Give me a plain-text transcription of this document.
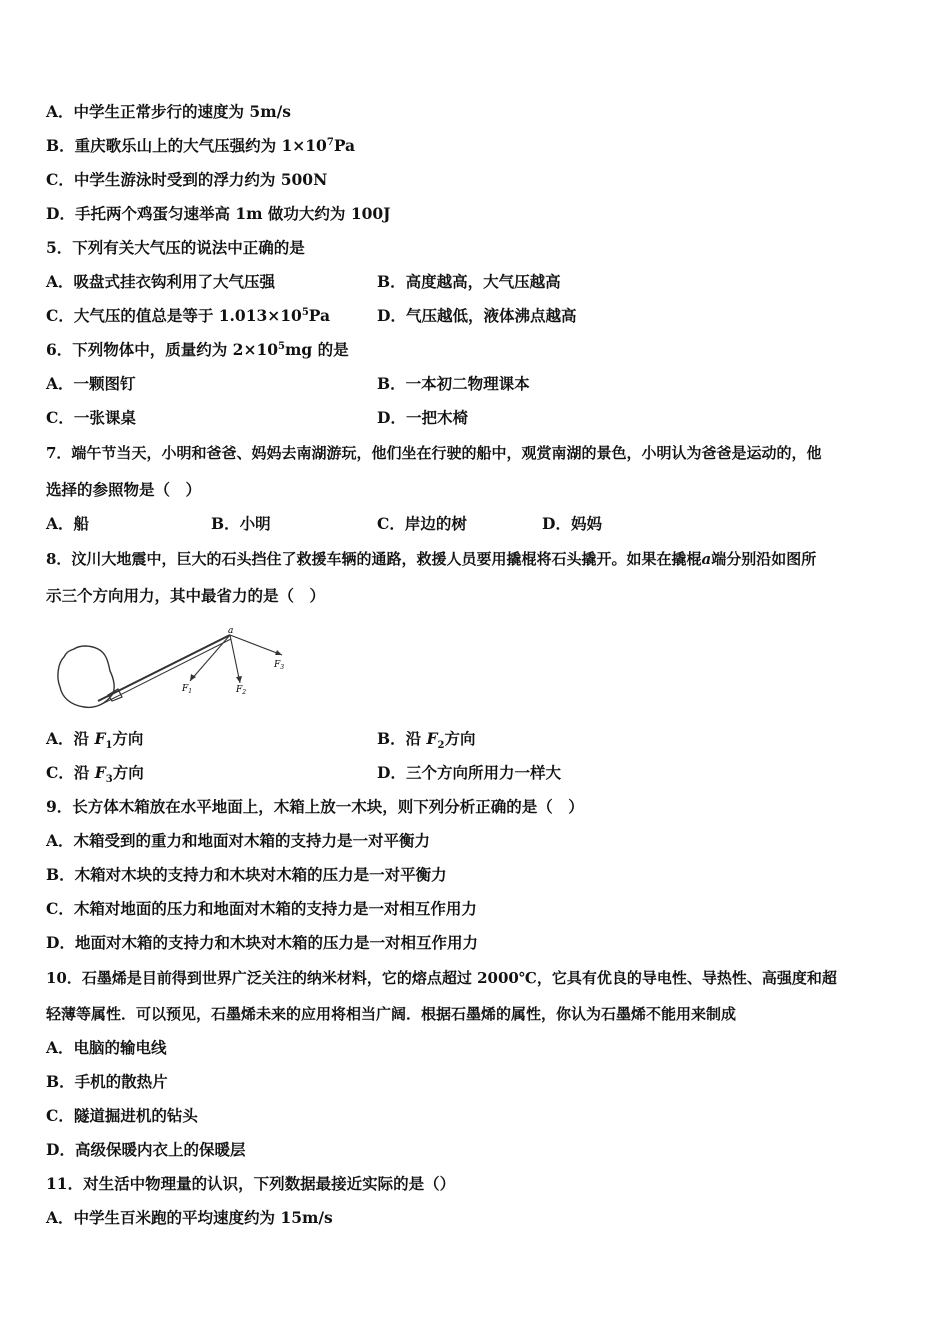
A．中学生正常步行的速度为 5m/s
B．重庆歌乐山上的大气压强约为 $1\times 10^7Pa$
C．中学生游泳时受到的浮力约为 500N
D．手托两个鸡蛋匀速举高 1m 做功大约为 100J
5．下列有关大气压的说法中正确的是
A．吸盘式挂衣钩利用了大气压强	B．高度越高，大气压越高
C．大气压的值总是等于 $1.013\times 10^5Pa$	D．气压越低，液体沸点越高
6．下列物体中，质量约为 $2\times 10^5mg$ 的是
A．一颗图钉	B．一本初二物理课本
C．一张课桌	D．一把木椅
7．端午节当天，小明和爸爸、妈妈去南湖游玩，他们坐在行驶的船中，观赏南湖的景色，小明认为爸爸是运动的，他
选择的参照物是（　）
A．船	B．小明	C．岸边的树	D．妈妈
8．汶川大地震中，巨大的石头挡住了救援车辆的通路，救援人员要用撬棍将石头撬开。如果在撬棍a端分别沿如图所
示三个方向用力，其中最省力的是（　）
a
$F_1$	$F_2$
$F_3$
A．沿 $F_1$方向	B．沿 $F_2$方向
C．沿 $F_3$方向	D．三个方向所用力一样大
9．长方体木箱放在水平地面上，木箱上放一木块，则下列分析正确的是（　）
A．木箱受到的重力和地面对木箱的支持力是一对平衡力
B．木箱对木块的支持力和木块对木箱的压力是一对平衡力
C．木箱对地面的压力和地面对木箱的支持力是一对相互作用力
D．地面对木箱的支持力和木块对木箱的压力是一对相互作用力
10．石墨烯是目前得到世界广泛关注的纳米材料，它的熔点超过 2000℃，它具有优良的导电性、导热性、高强度和超
轻薄等属性．可以预见，石墨烯未来的应用将相当广阔．根据石墨烯的属性，你认为石墨烯不能用来制成
A．电脑的输电线
B．手机的散热片
C．隧道掘进机的钻头
D．高级保暖内衣上的保暖层
11．对生活中物理量的认识，下列数据最接近实际的是（）
A．中学生百米跑的平均速度约为 15m/s
